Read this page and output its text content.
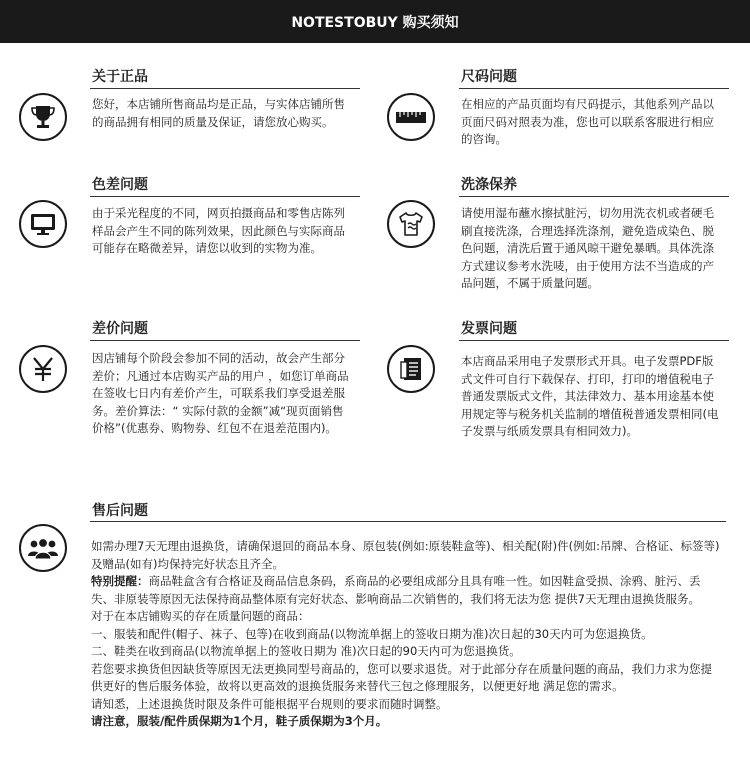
NOTESTOBUY 购买须知
关于正品
您好，本店铺所售商品均是正品，与实体店铺所售的商品拥有相同的质量及保证，请您放心购买。
尺码问题
在相应的产品页面均有尺码提示，其他系列产品以页面尺码对照表为准，您也可以联系客服进行相应的咨询。
色差问题
由于采光程度的不同，网页拍摄商品和零售店陈列样品会产生不同的陈列效果，因此颜色与实际商品可能存在略微差异，请您以收到的实物为准。
洗涤保养
请使用湿布蘸水擦拭脏污，切勿用洗衣机或者硬毛刷直接洗涤，合理选择洗涤剂，避免造成染色、脱色问题，清洗后置于通风晾干避免暴晒。具体洗涤方式建议参考水洗唛，由于使用方法不当造成的产品问题，不属于质量问题。
差价问题
因店铺每个阶段会参加不同的活动，故会产生部分差价；凡通过本店购买产品的用户 ，如您订单商品在签收七日内有差价产生，可联系我们享受退差服务。差价算法：“ 实际付款的金额”减“现页面销售价格”(优惠券、购物券、红包不在退差范围内)。
发票问题
本店商品采用电子发票形式开具。电子发票PDF版式文件可自行下载保存、打印，打印的增值税电子普通发票版式文件，其法律效力、基本用途基本使用规定等与税务机关监制的增值税普通发票相同(电子发票与纸质发票具有相同效力)。
售后问题

如需办理7天无理由退换货，请确保退回的商品本身、原包装(例如:原装鞋盒等)、相关配(附)件(例如:吊牌、合格证、标签等)及赠品(如有)均保持完好状态且齐全。

特别提醒：商品鞋盒含有合格证及商品信息条码，系商品的必要组成部分且具有唯一性。如因鞋盒受损、涂鸦、脏污、丢失、非原装等原因无法保持商品整体原有完好状态、影响商品二次销售的，我们将无法为您 提供7天无理由退换货服务。

对于在本店铺购买的存在质量问题的商品：

一、服装和配件(帽子、袜子、包等)在收到商品(以物流单据上的签收日期为准)次日起的30天内可为您退换货。

二、鞋类在收到商品(以物流单据上的签收日期为 准)次日起的90天内可为您退换货。

若您要求换货但因缺货等原因无法更换同型号商品的，您可以要求退货。对于此部分存在质量问题的商品，我们力求为您提供更好的售后服务体验，故将以更高效的退换货服务来替代三包之修理服务，以便更好地 满足您的需求。

请知悉，上述退换货时限及条件可能根据平台规则的要求而随时调整。

请注意，服装/配件质保期为1个月，鞋子质保期为3个月。
